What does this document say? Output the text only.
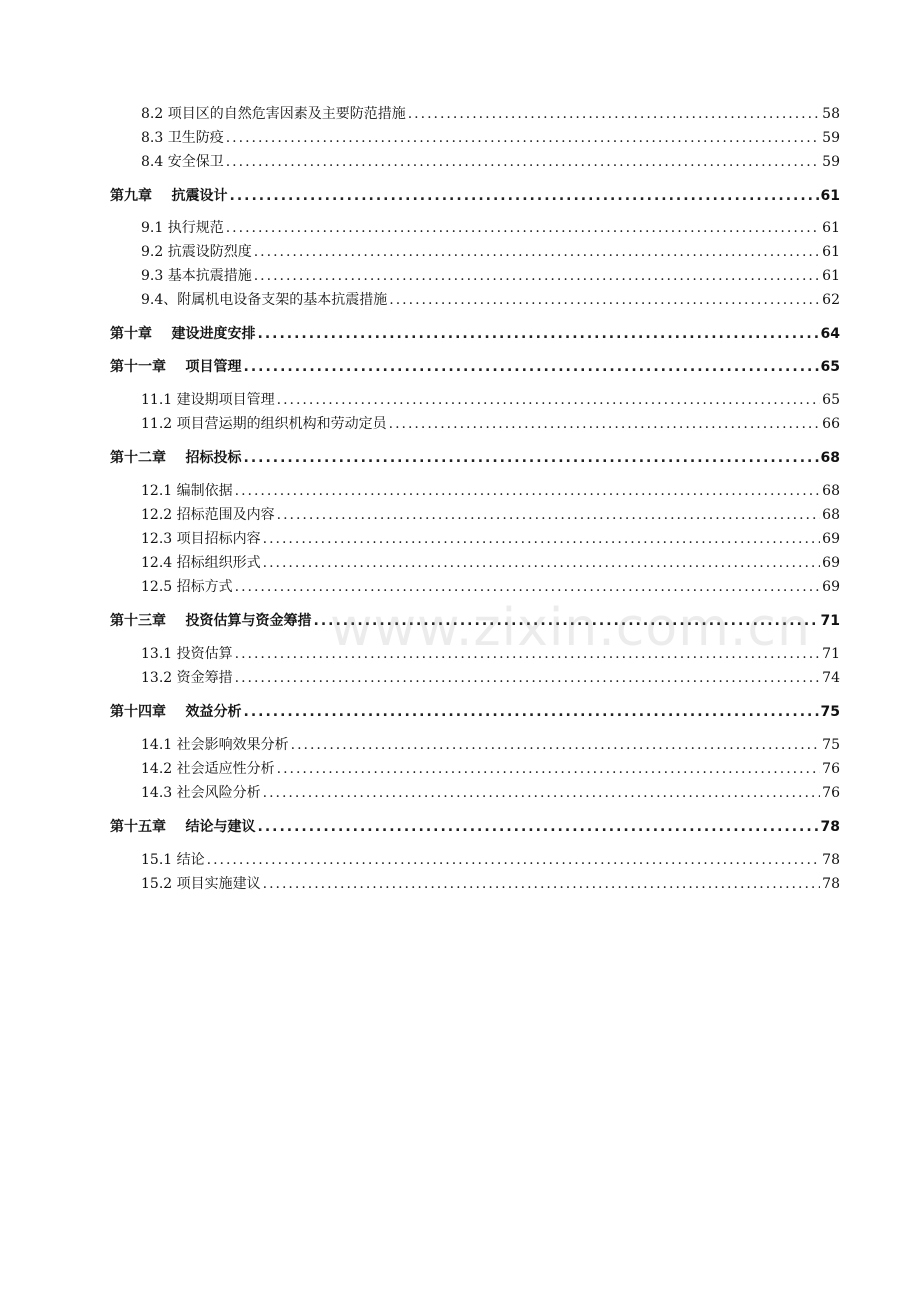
8.2 项目区的自然危害因素及主要防范措施 .....	58
8.3 卫生防疫 .....	59
8.4 安全保卫 .....	59
第九章    抗震设计 .....	61
9.1 执行规范 .....	61
9.2 抗震设防烈度 .....	61
9.3 基本抗震措施 .....	61
9.4、附属机电设备支架的基本抗震措施 .....	62
第十章    建设进度安排 .....	64
第十一章    项目管理 .....	65
11.1 建设期项目管理 .....	65
11.2 项目营运期的组织机构和劳动定员 .....	66
第十二章    招标投标 .....	68
12.1 编制依据 .....	68
12.2 招标范围及内容 .....	68
12.3 项目招标内容 .....	69
12.4 招标组织形式 .....	69
12.5 招标方式 .....	69
第十三章    投资估算与资金筹措 .....	71
13.1 投资估算 .....	71
13.2 资金筹措 .....	74
第十四章    效益分析 .....	75
14.1 社会影响效果分析 .....	75
14.2 社会适应性分析 .....	76
14.3 社会风险分析 .....	76
第十五章    结论与建议 .....	78
15.1 结论 .....	78
15.2 项目实施建议 .....	78
www.zixin.com.cn
